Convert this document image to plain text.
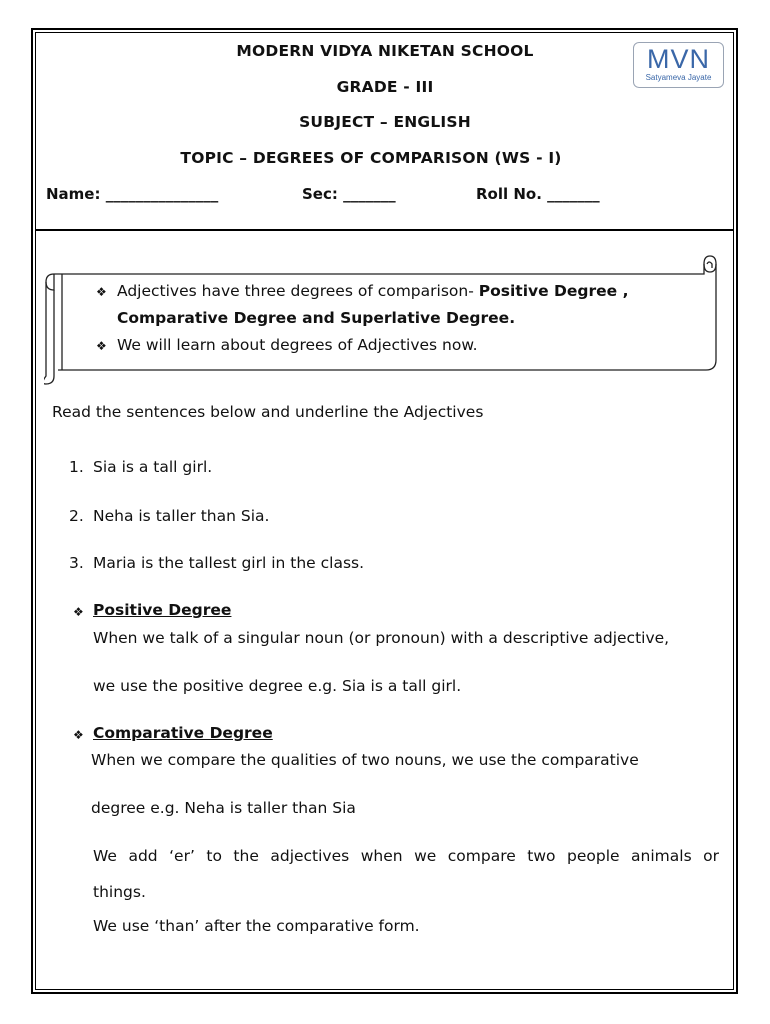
MODERN VIDYA NIKETAN SCHOOL
GRADE - III
SUBJECT – ENGLISH
TOPIC – DEGREES OF COMPARISON (WS - I)
MVN
Satyameva Jayate
Name: _______________	Sec: _______	Roll No. _______
❖ Adjectives have three degrees of comparison- Positive Degree ,
Comparative Degree and Superlative Degree.
❖ We will learn about degrees of Adjectives now.
Read the sentences below and underline the Adjectives
1. Sia is a tall girl.
2. Neha is taller than Sia.
3. Maria is the tallest girl in the class.
❖ Positive Degree
When we talk of a singular noun (or pronoun) with a descriptive adjective,
we use the positive degree e.g. Sia is a tall girl.
❖ Comparative Degree
When we compare the qualities of two nouns, we use the comparative
degree e.g. Neha is taller than Sia
We add ‘er’ to the adjectives when we compare two people animals or
things.
We use ‘than’ after the comparative form.
